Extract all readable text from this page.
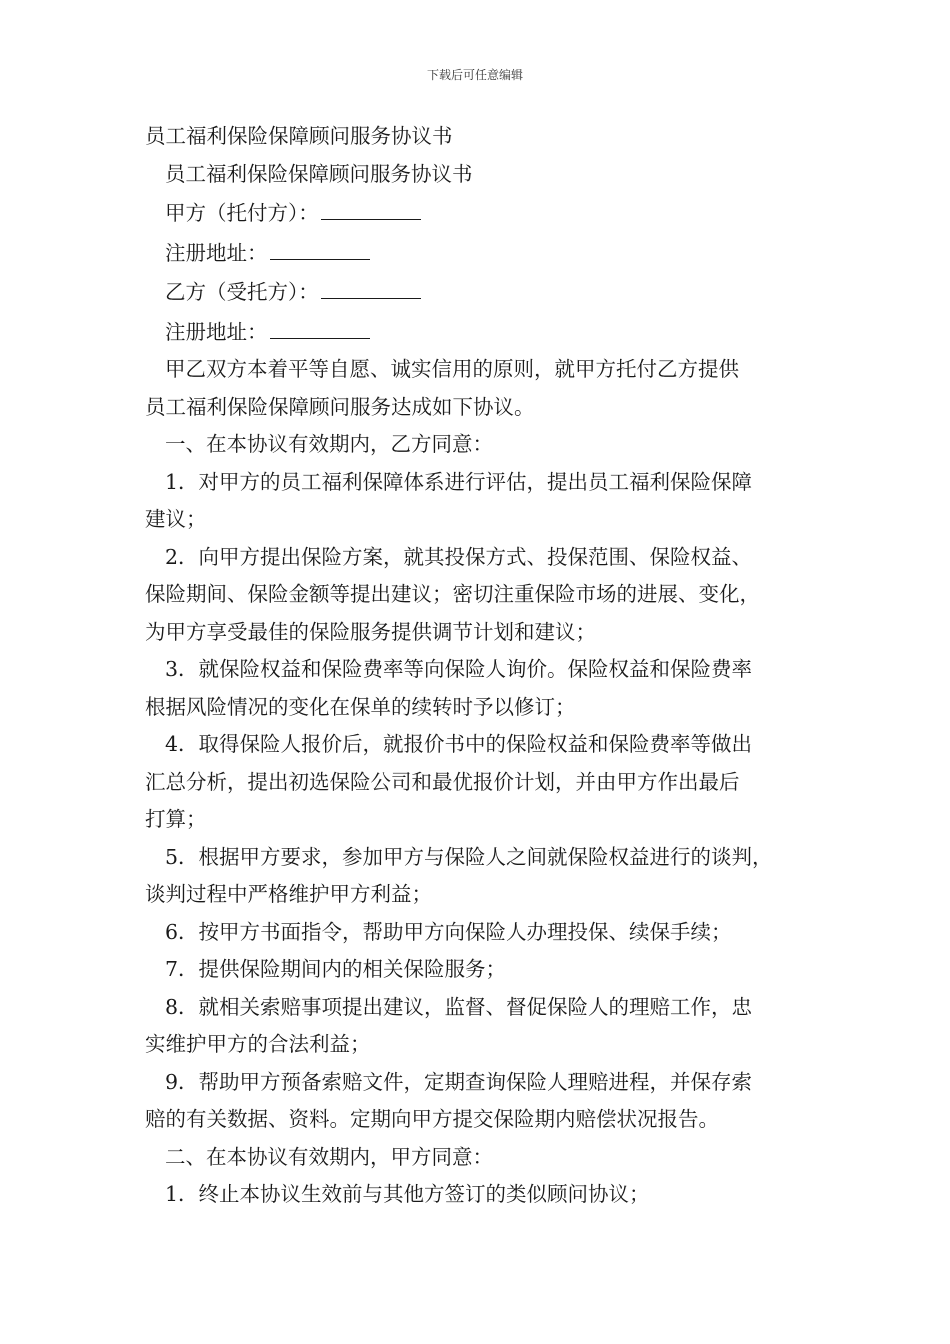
下载后可任意编辑
员工福利保险保障顾问服务协议书
员工福利保险保障顾问服务协议书
甲方（托付方）：
注册地址：
乙方（受托方）：
注册地址：
甲乙双方本着平等自愿、诚实信用的原则，就甲方托付乙方提供
员工福利保险保障顾问服务达成如下协议。
一、在本协议有效期内，乙方同意：
1．对甲方的员工福利保障体系进行评估，提出员工福利保险保障
建议；
2．向甲方提出保险方案，就其投保方式、投保范围、保险权益、
保险期间、保险金额等提出建议；密切注重保险市场的进展、变化，
为甲方享受最佳的保险服务提供调节计划和建议；
3．就保险权益和保险费率等向保险人询价。保险权益和保险费率
根据风险情况的变化在保单的续转时予以修订；
4．取得保险人报价后，就报价书中的保险权益和保险费率等做出
汇总分析，提出初选保险公司和最优报价计划，并由甲方作出最后
打算；
5．根据甲方要求，参加甲方与保险人之间就保险权益进行的谈判，
谈判过程中严格维护甲方利益；
6．按甲方书面指令，帮助甲方向保险人办理投保、续保手续；
7．提供保险期间内的相关保险服务；
8．就相关索赔事项提出建议，监督、督促保险人的理赔工作，忠
实维护甲方的合法利益；
9．帮助甲方预备索赔文件，定期查询保险人理赔进程，并保存索
赔的有关数据、资料。定期向甲方提交保险期内赔偿状况报告。
二、在本协议有效期内，甲方同意：
1．终止本协议生效前与其他方签订的类似顾问协议；
